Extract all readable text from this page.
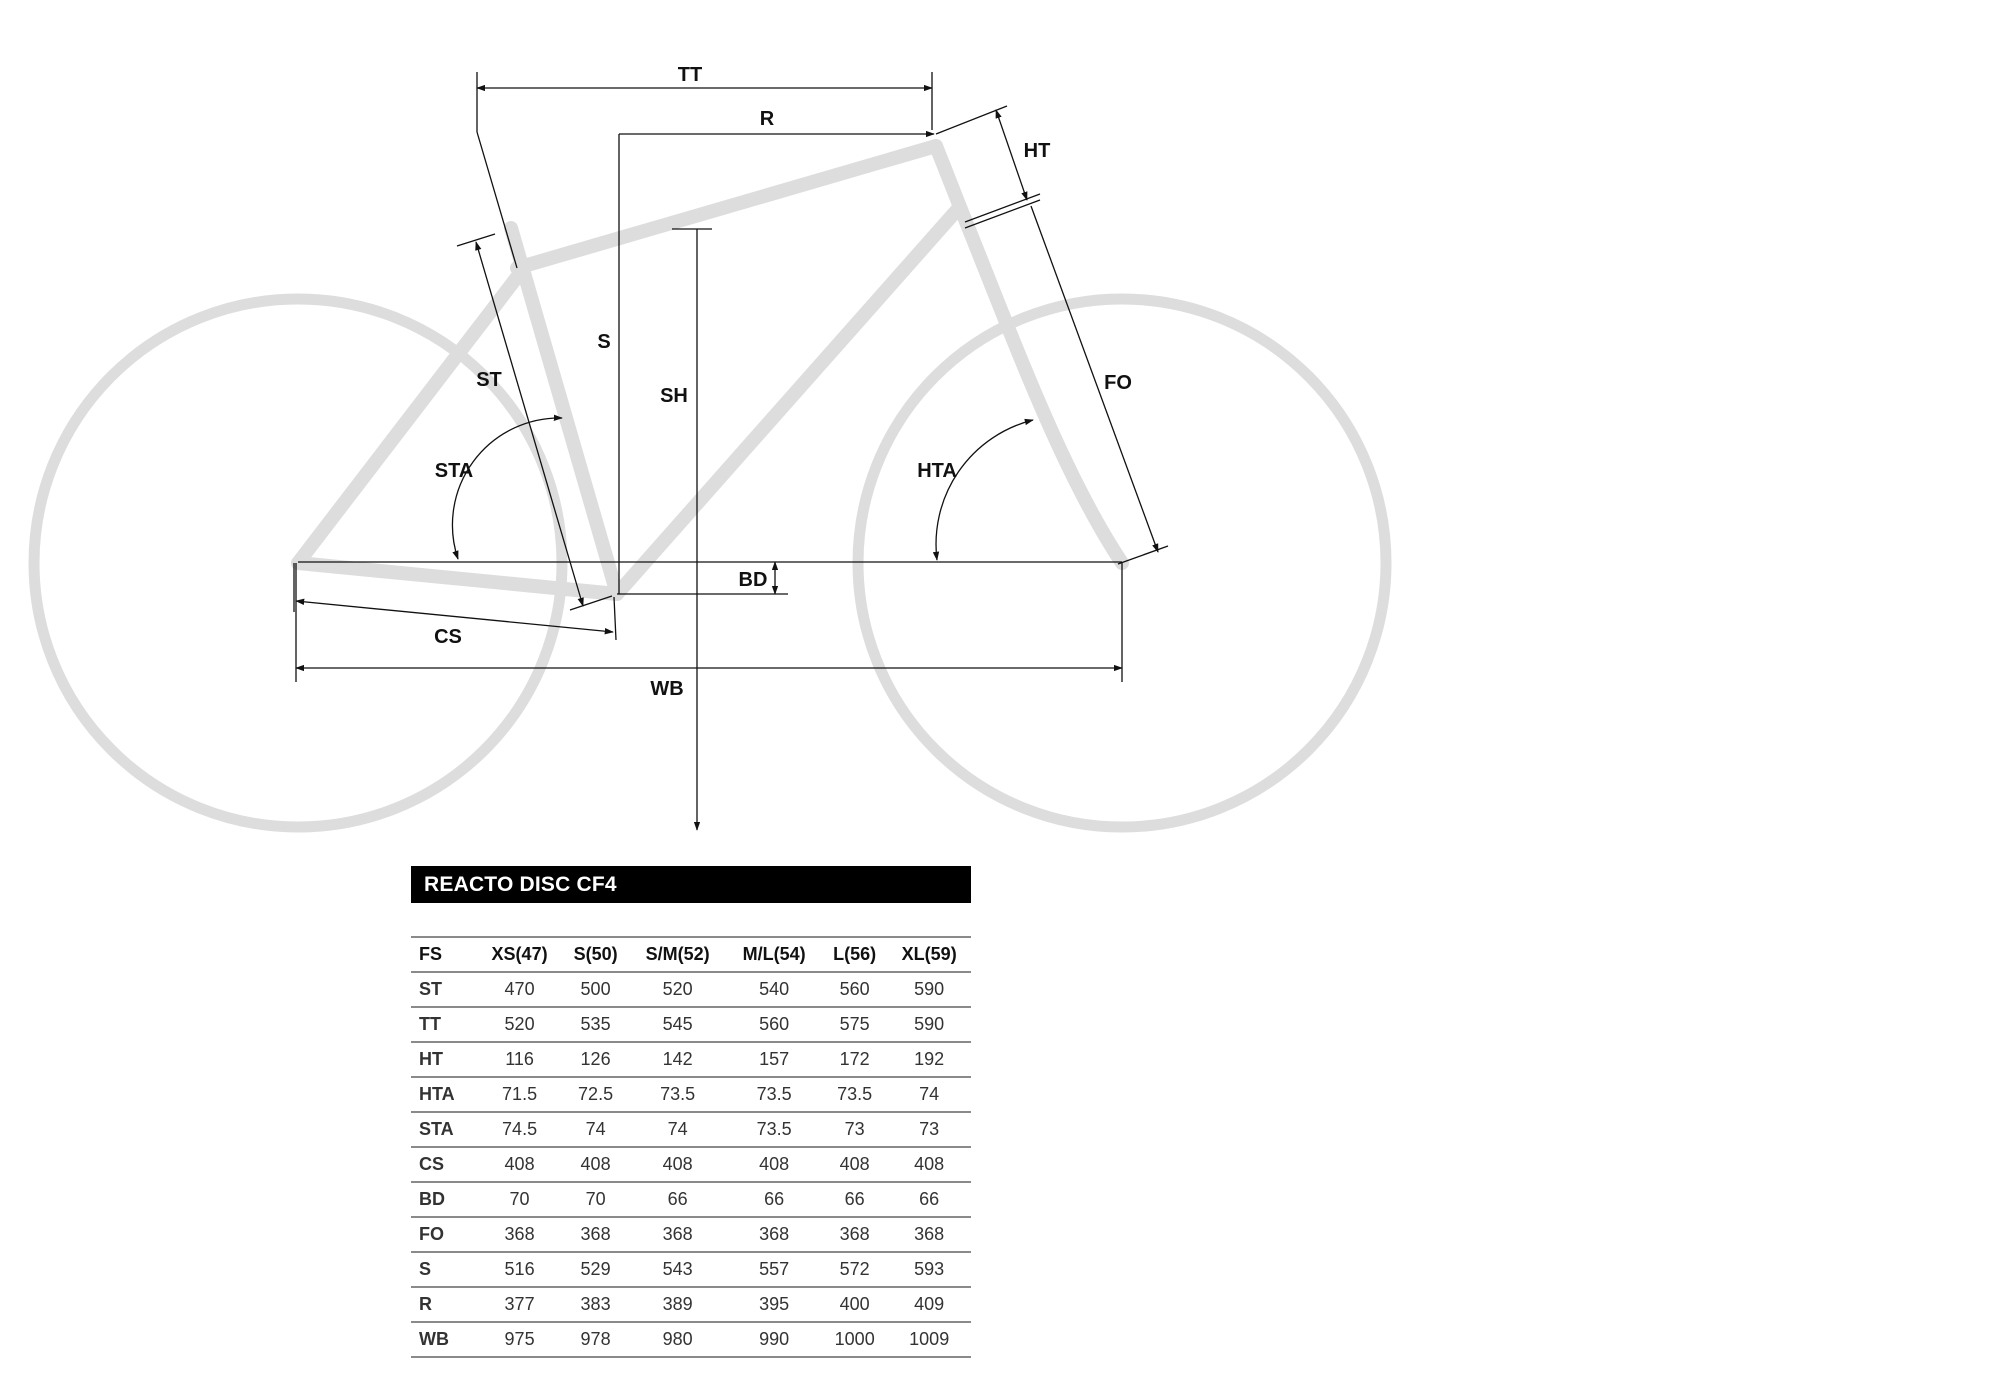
TT
R
HT
S
SH
ST	FO
STA	HTA
BD
CS
WB
REACTO DISC CF4
FS	XS(47)	S(50)	S/M(52)	M/L(54)	L(56)	XL(59)
ST	470	500	520	540	560	590
TT	520	535	545	560	575	590
HT	116	126	142	157	172	192
HTA	71.5	72.5	73.5	73.5	73.5	74
STA	74.5	74	74	73.5	73	73
CS	408	408	408	408	408	408
BD	70	70	66	66	66	66
FO	368	368	368	368	368	368
S	516	529	543	557	572	593
R	377	383	389	395	400	409
WB	975	978	980	990	1000	1009
